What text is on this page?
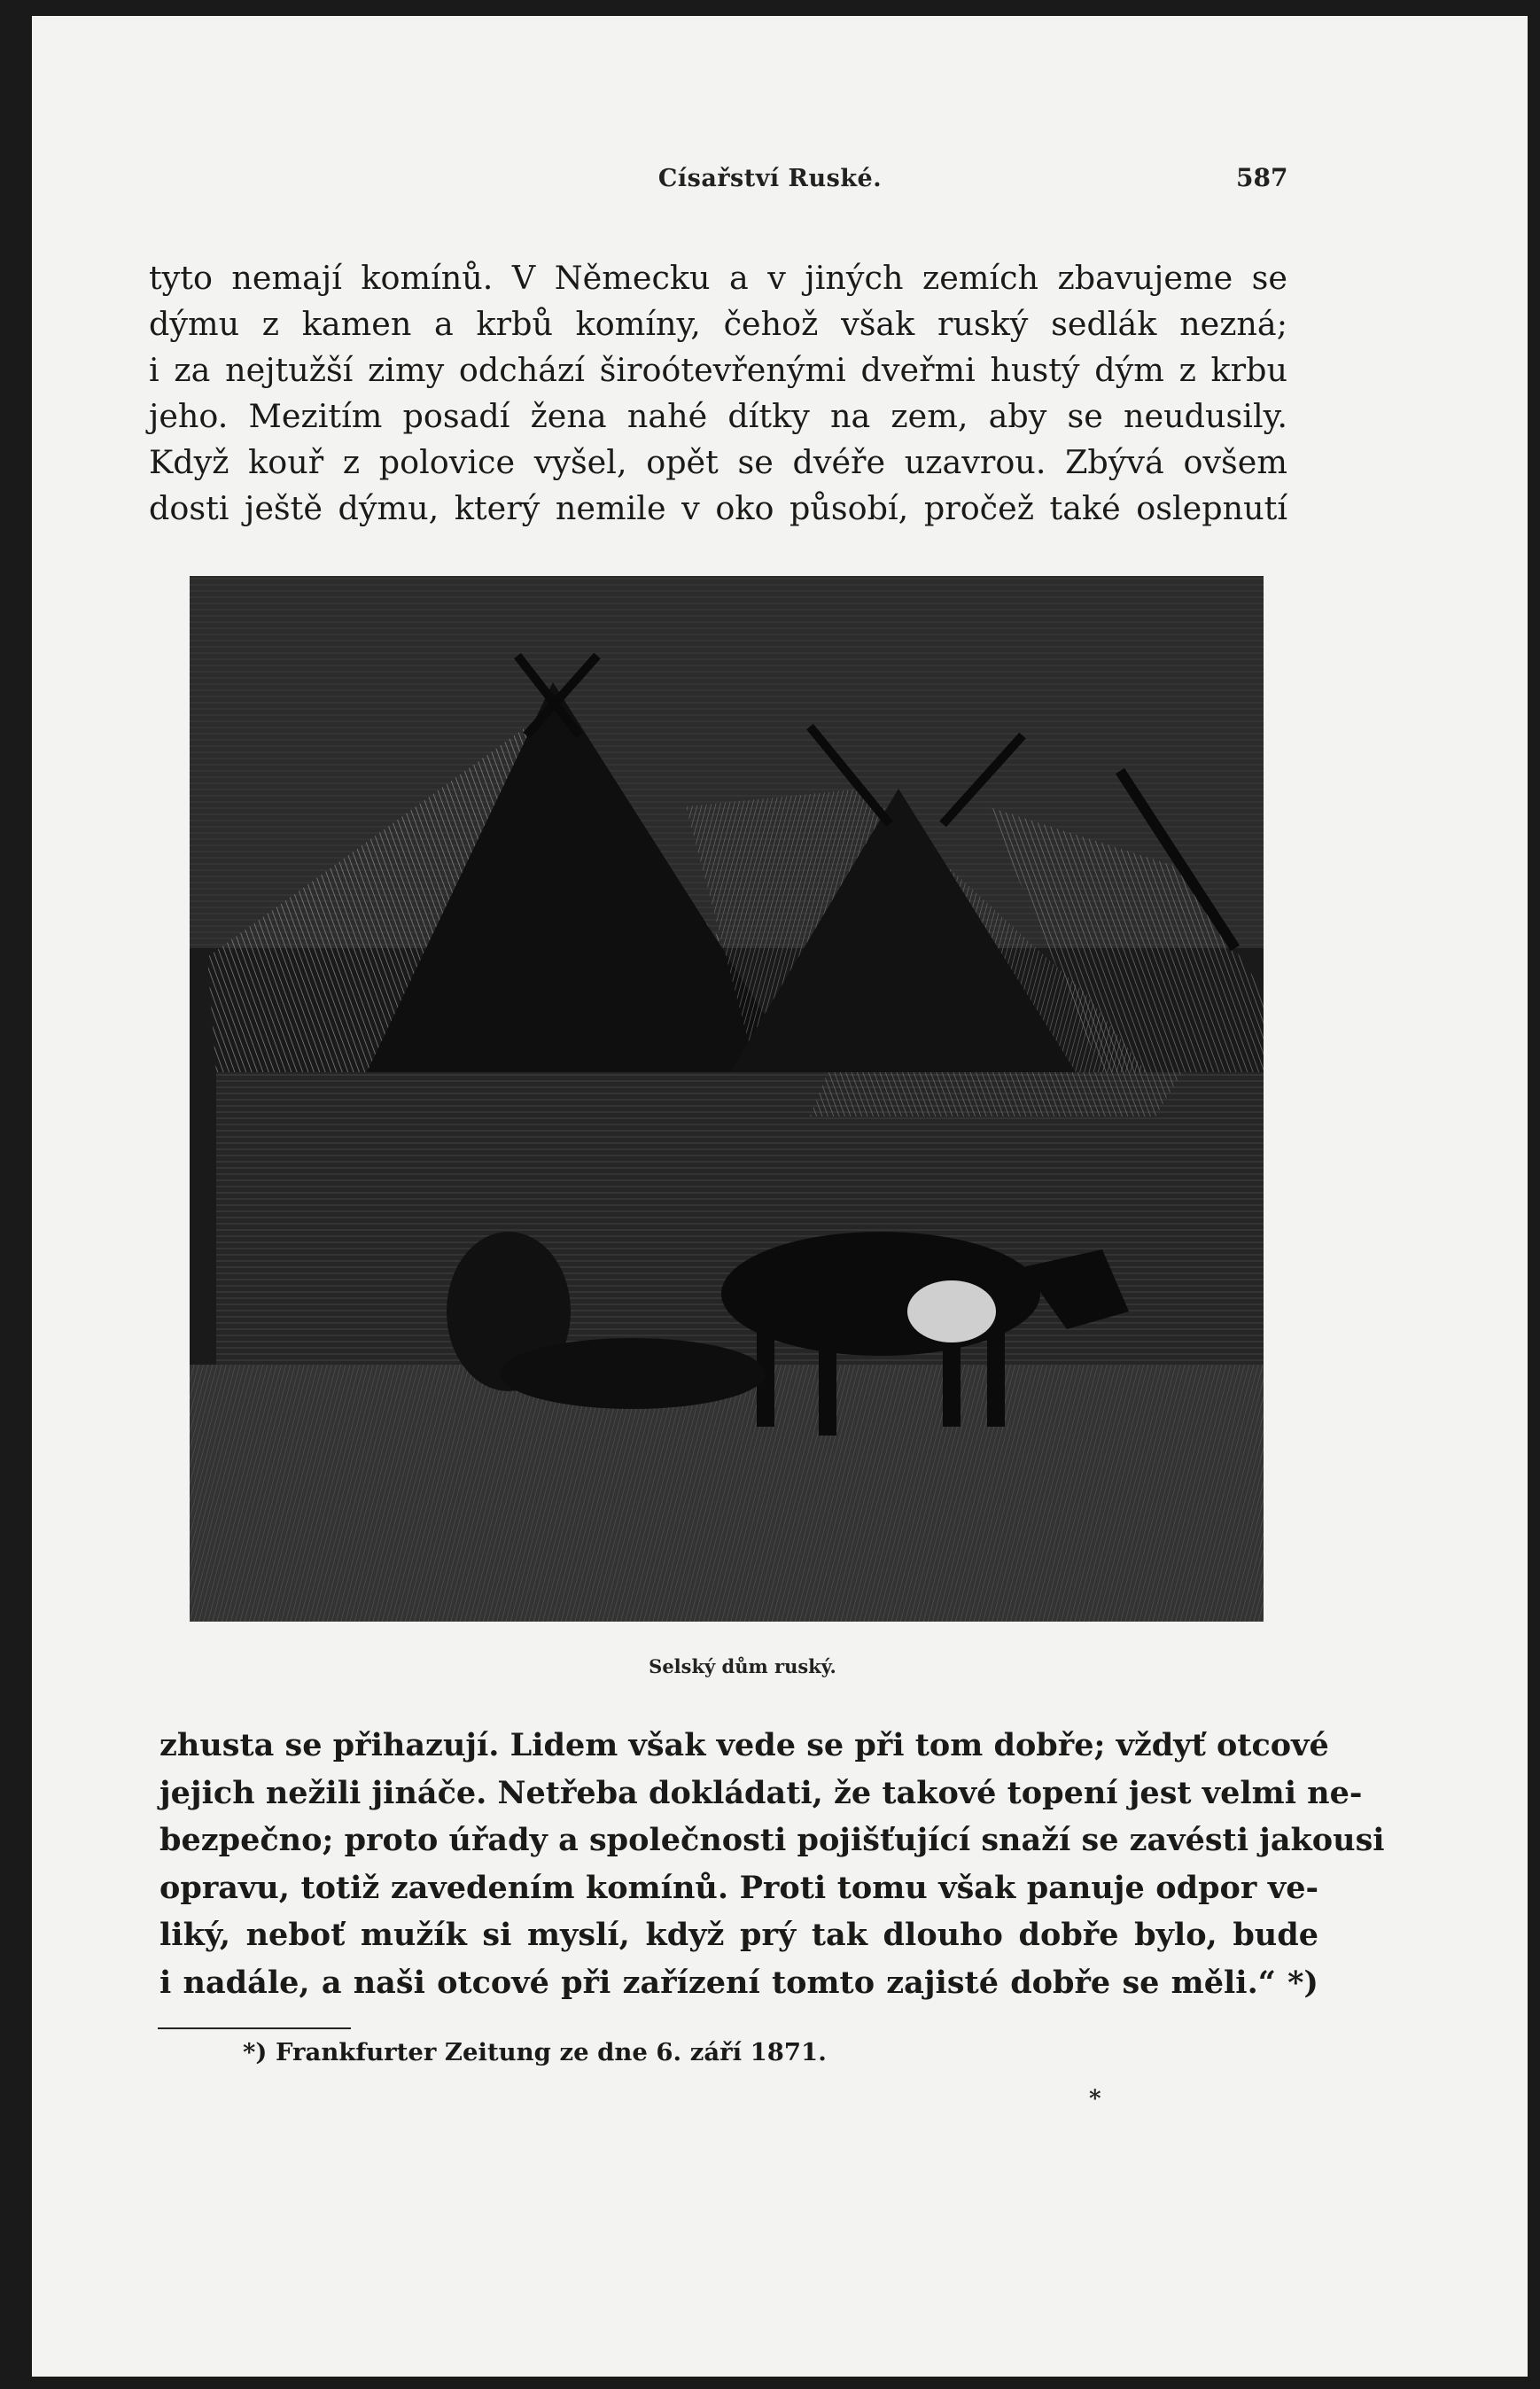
Císařství Ruské.	587
tyto nemají komínů. V Německu a v jiných zemích zbavujeme se
dýmu z kamen a krbů komíny, čehož však ruský sedlák nezná;
i za nejtužší zimy odchází široótevřenými dveřmi hustý dým z krbu
jeho. Mezitím posadí žena nahé dítky na zem, aby se neudusily.
Když kouř z polovice vyšel, opět se dvéře uzavrou. Zbývá ovšem
dosti ještě dýmu, který nemile v oko působí, pročež také oslepnutí
Selský dům ruský.
zhusta se přihazují. Lidem však vede se při tom dobře; vždyť otcové
jejich nežili jináče. Netřeba dokládati, že takové topení jest velmi ne-
bezpečno; proto úřady a společnosti pojišťující snaží se zavésti jakousi
opravu, totiž zavedením komínů. Proti tomu však panuje odpor ve-
liký, neboť mužík si myslí, když prý tak dlouho dobře bylo, bude
i nadále, a naši otcové při zařízení tomto zajisté dobře se měli.“ *)
*) Frankfurter Zeitung ze dne 6. září 1871.
*
